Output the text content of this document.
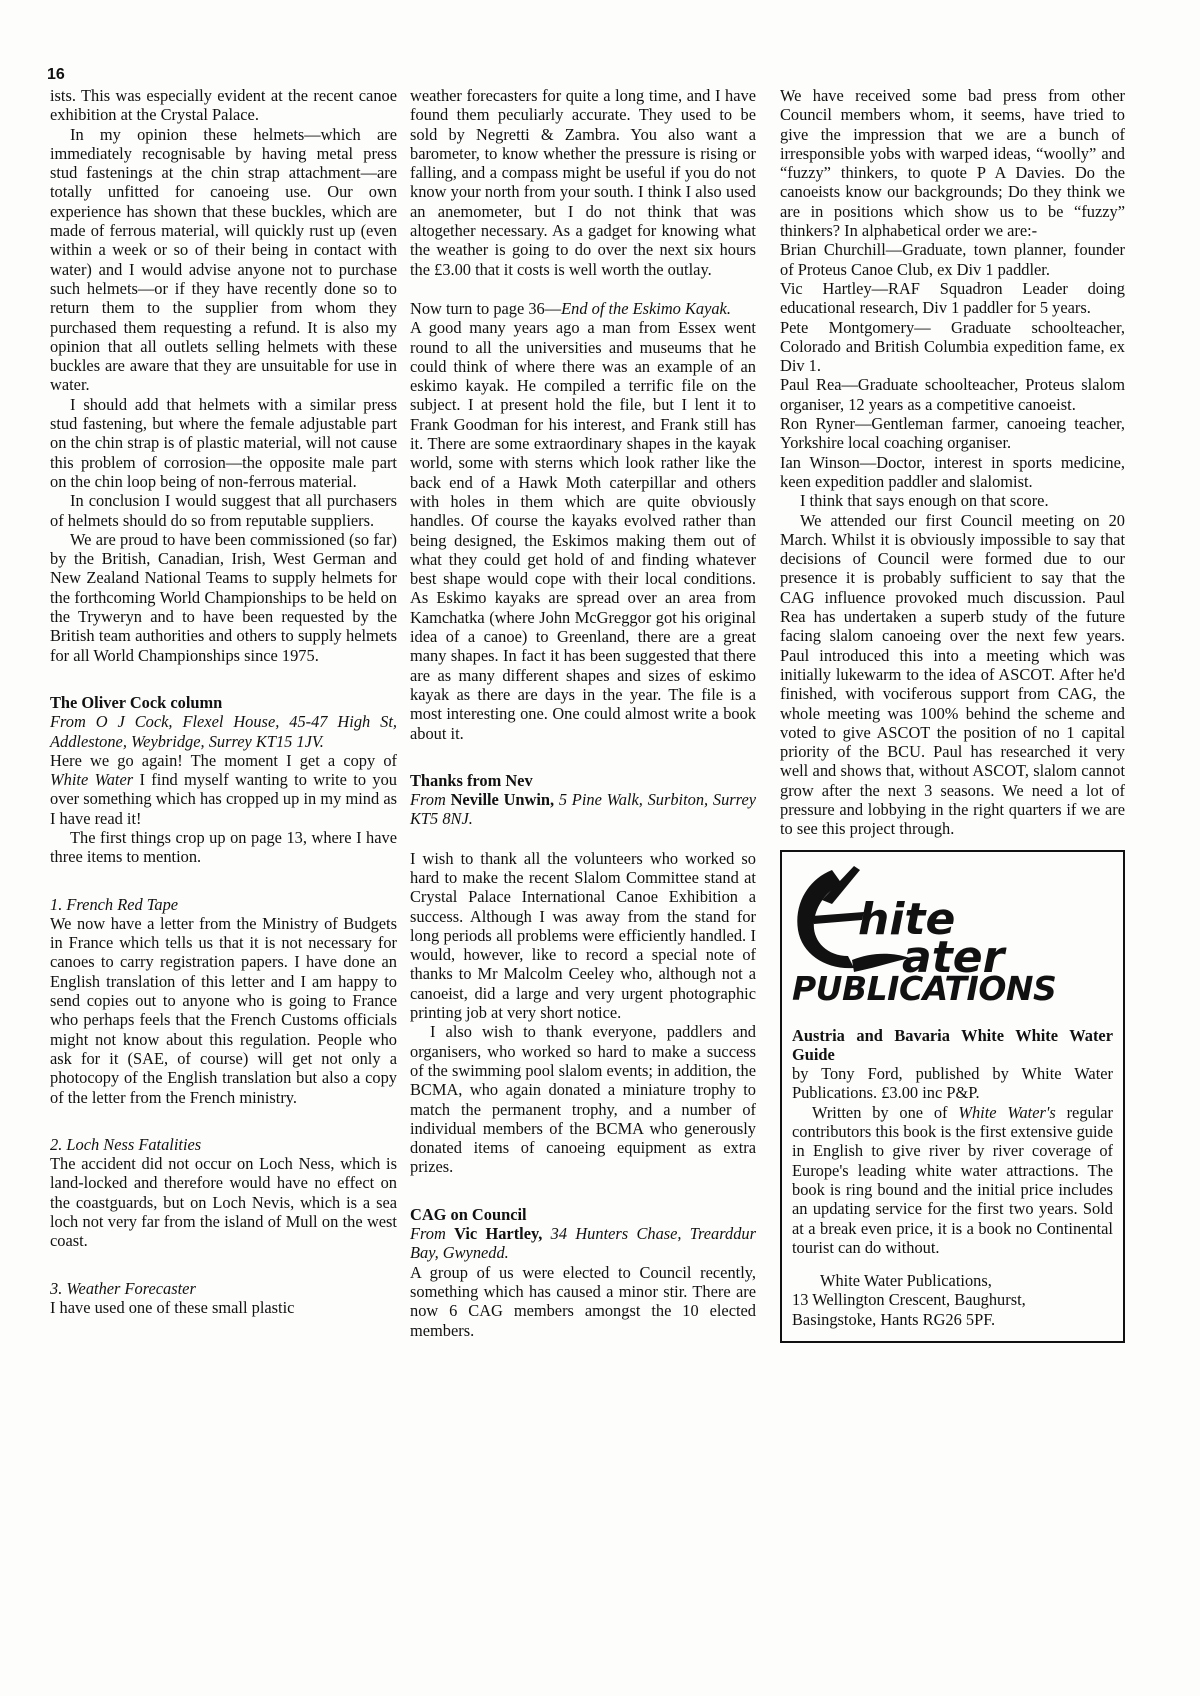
16

ists. This was especially evident at the recent canoe exhibition at the Crystal Palace.

In my opinion these helmets—which are immediately recognisable by having metal press stud fastenings at the chin strap attachment—are totally unfitted for canoeing use. Our own experience has shown that these buckles, which are made of ferrous material, will quickly rust up (even within a week or so of their being in contact with water) and I would advise anyone not to purchase such helmets—or if they have recently done so to return them to the supplier from whom they purchased them requesting a refund. It is also my opinion that all outlets selling helmets with these buckles are aware that they are unsuitable for use in water.

I should add that helmets with a similar press stud fastening, but where the female adjustable part on the chin strap is of plastic material, will not cause this problem of corrosion—the opposite male part on the chin loop being of non-ferrous material.

In conclusion I would suggest that all purchasers of helmets should do so from reputable suppliers.

We are proud to have been commissioned (so far) by the British, Canadian, Irish, West German and New Zealand National Teams to supply helmets for the forthcoming World Championships to be held on the Tryweryn and to have been requested by the British team authorities and others to supply helmets for all World Championships since 1975.

The Oliver Cock column

From O J Cock, Flexel House, 45-47 High St, Addlestone, Weybridge, Surrey KT15 1JV.

Here we go again! The moment I get a copy of White Water I find myself wanting to write to you over something which has cropped up in my mind as I have read it!

The first things crop up on page 13, where I have three items to mention.

1. French Red Tape

We now have a letter from the Ministry of Budgets in France which tells us that it is not necessary for canoes to carry registration papers. I have done an English translation of this letter and I am happy to send copies out to anyone who is going to France who perhaps feels that the French Customs officials might not know about this regulation. People who ask for it (SAE, of course) will get not only a photocopy of the English translation but also a copy of the letter from the French ministry.

2. Loch Ness Fatalities

The accident did not occur on Loch Ness, which is land-locked and therefore would have no effect on the coastguards, but on Loch Nevis, which is a sea loch not very far from the island of Mull on the west coast.

3. Weather Forecaster

I have used one of these small plastic

weather forecasters for quite a long time, and I have found them peculiarly accurate. They used to be sold by Negretti & Zambra. You also want a barometer, to know whether the pressure is rising or falling, and a compass might be useful if you do not know your north from your south. I think I also used an anemometer, but I do not think that was altogether necessary. As a gadget for knowing what the weather is going to do over the next six hours the £3.00 that it costs is well worth the outlay.

Now turn to page 36—End of the Eskimo Kayak.

A good many years ago a man from Essex went round to all the universities and museums that he could think of where there was an example of an eskimo kayak. He compiled a terrific file on the subject. I at present hold the file, but I lent it to Frank Goodman for his interest, and Frank still has it. There are some extraordinary shapes in the kayak world, some with sterns which look rather like the back end of a Hawk Moth caterpillar and others with holes in them which are quite obviously handles. Of course the kayaks evolved rather than being designed, the Eskimos making them out of what they could get hold of and finding whatever best shape would cope with their local conditions. As Eskimo kayaks are spread over an area from Kamchatka (where John McGreggor got his original idea of a canoe) to Greenland, there are a great many shapes. In fact it has been suggested that there are as many different shapes and sizes of eskimo kayak as there are days in the year. The file is a most interesting one. One could almost write a book about it.

Thanks from Nev

From Neville Unwin, 5 Pine Walk, Surbiton, Surrey KT5 8NJ.

I wish to thank all the volunteers who worked so hard to make the recent Slalom Committee stand at Crystal Palace International Canoe Exhibition a success. Although I was away from the stand for long periods all problems were efficiently handled. I would, however, like to record a special note of thanks to Mr Malcolm Ceeley who, although not a canoeist, did a large and very urgent photographic printing job at very short notice.

I also wish to thank everyone, paddlers and organisers, who worked so hard to make a success of the swimming pool slalom events; in addition, the BCMA, who again donated a miniature trophy to match the permanent trophy, and a number of individual members of the BCMA who generously donated items of canoeing equipment as extra prizes.

CAG on Council

From Vic Hartley, 34 Hunters Chase, Trearddur Bay, Gwynedd.

A group of us were elected to Council recently, something which has caused a minor stir. There are now 6 CAG members amongst the 10 elected members.

We have received some bad press from other Council members whom, it seems, have tried to give the impression that we are a bunch of irresponsible yobs with warped ideas, “woolly” and “fuzzy” thinkers, to quote P A Davies. Do the canoeists know our backgrounds; Do they think we are in positions which show us to be “fuzzy” thinkers? In alphabetical order we are:-

Brian Churchill—Graduate, town planner, founder of Proteus Canoe Club, ex Div 1 paddler.

Vic Hartley—RAF Squadron Leader doing educational research, Div 1 paddler for 5 years.

Pete Montgomery— Graduate schoolteacher, Colorado and British Columbia expedition fame, ex Div 1.

Paul Rea—Graduate schoolteacher, Proteus slalom organiser, 12 years as a competitive canoeist.

Ron Ryner—Gentleman farmer, canoeing teacher, Yorkshire local coaching organiser.

Ian Winson—Doctor, interest in sports medicine, keen expedition paddler and slalomist.

I think that says enough on that score.

We attended our first Council meeting on 20 March. Whilst it is obviously impossible to say that decisions of Council were formed due to our presence it is probably sufficient to say that the CAG influence provoked much discussion. Paul Rea has undertaken a superb study of the future facing slalom canoeing over the next few years. Paul introduced this into a meeting which was initially lukewarm to the idea of ASCOT. After he'd finished, with vociferous support from CAG, the whole meeting was 100% behind the scheme and voted to give ASCOT the position of no 1 capital priority of the BCU. Paul has researched it very well and shows that, without ASCOT, slalom cannot grow after the next 3 seasons. We need a lot of pressure and lobbying in the right quarters if we are to see this project through.

hite
ater
PUBLICATIONS

Austria and Bavaria White White Water Guide

by Tony Ford, published by White Water Publications. £3.00 inc P&P.

Written by one of White Water's regular contributors this book is the first extensive guide in English to give river by river coverage of Europe's leading white water attractions. The book is ring bound and the initial price includes an updating service for the first two years. Sold at a break even price, it is a book no Continental tourist can do without.

White Water Publications,

13 Wellington Crescent, Baughurst,

Basingstoke, Hants RG26 5PF.
